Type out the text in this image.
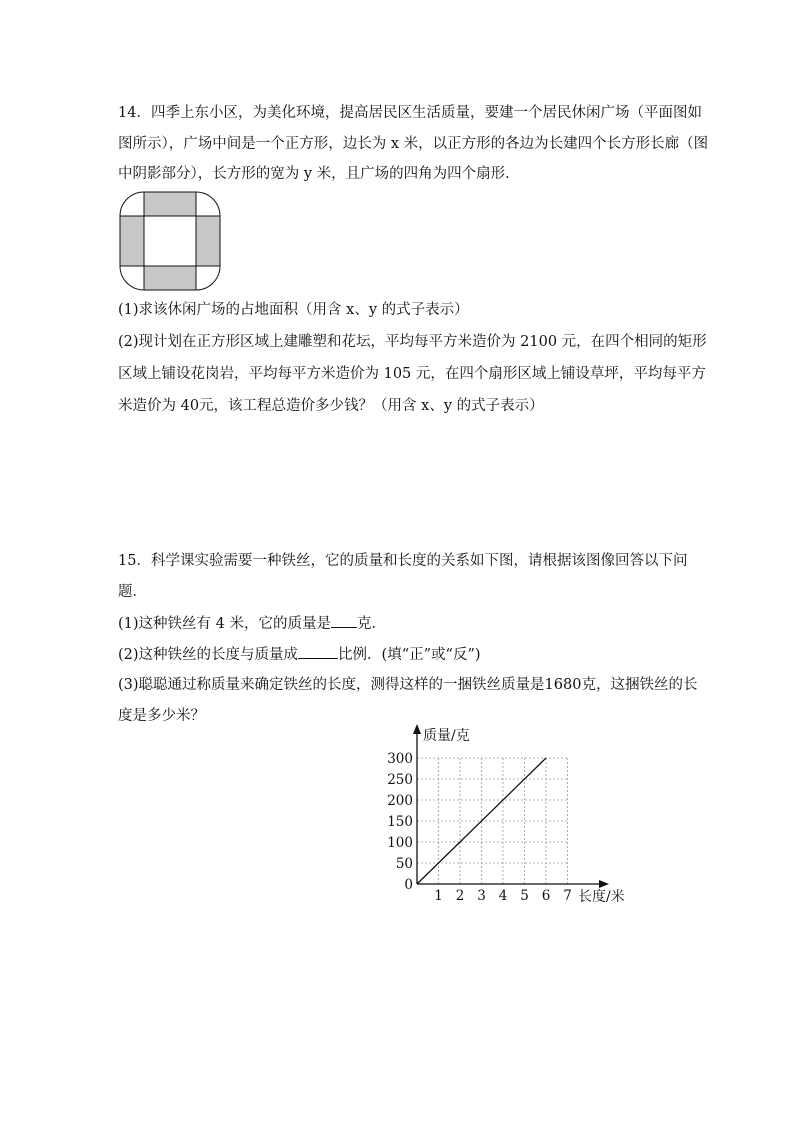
14．四季上东小区，为美化环境，提高居民区生活质量，要建一个居民休闲广场（平面图如
图所示），广场中间是一个正方形，边长为 x 米，以正方形的各边为长建四个长方形长廊（图
中阴影部分），长方形的宽为 y 米，且广场的四角为四个扇形．
(1)求该休闲广场的占地面积（用含 x、y 的式子表示）
(2)现计划在正方形区域上建雕塑和花坛，平均每平方米造价为 2100 元，在四个相同的矩形
区域上铺设花岗岩，平均每平方米造价为 105 元，在四个扇形区域上铺设草坪，平均每平方
米造价为 40元，该工程总造价多少钱？（用含 x、y 的式子表示）
15．科学课实验需要一种铁丝，它的质量和长度的关系如下图，请根据该图像回答以下问
题．
(1)这种铁丝有 4 米，它的质量是 克．
(2)这种铁丝的长度与质量成	比例．(填“正”或“反”)
(3)聪聪通过称质量来确定铁丝的长度，测得这样的一捆铁丝质量是1680克，这捆铁丝的长
度是多少米？
0
50
100
150
200
250
300
1 2 3 4 5 6 7
质量/克
长度/米
